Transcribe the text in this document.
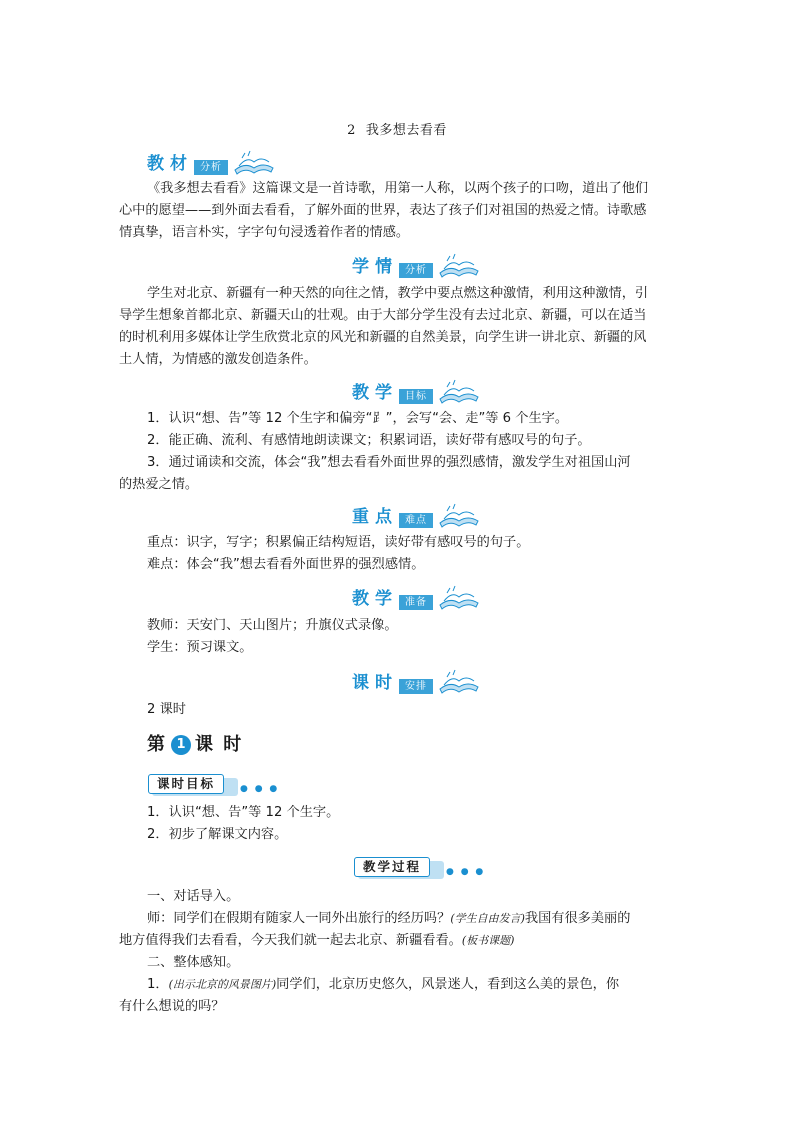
2 我多想去看看
教材 分析
《我多想去看看》这篇课文是一首诗歌，用第一人称，以两个孩子的口吻，道出了他们
心中的愿望——到外面去看看，了解外面的世界，表达了孩子们对祖国的热爱之情。诗歌感
情真挚，语言朴实，字字句句浸透着作者的情感。
学情 分析
学生对北京、新疆有一种天然的向往之情，教学中要点燃这种激情，利用这种激情，引
导学生想象首都北京、新疆天山的壮观。由于大部分学生没有去过北京、新疆，可以在适当
的时机利用多媒体让学生欣赏北京的风光和新疆的自然美景，向学生讲一讲北京、新疆的风
土人情，为情感的激发创造条件。
教学 目标
1．认识“想、告”等 12 个生字和偏旁“⻊”，会写“会、走”等 6 个生字。
2．能正确、流利、有感情地朗读课文；积累词语，读好带有感叹号的句子。
3．通过诵读和交流，体会“我”想去看看外面世界的强烈感情，激发学生对祖国山河
的热爱之情。
重点 难点
重点：识字，写字；积累偏正结构短语，读好带有感叹号的句子。
难点：体会“我”想去看看外面世界的强烈感情。
教学 准备
教师：天安门、天山图片；升旗仪式录像。
学生：预习课文。
课时 安排
2 课时
第 1 课 时
课时目标	● ● ●
1．认识“想、告”等 12 个生字。
2．初步了解课文内容。
教学过程	● ● ●
一、对话导入。
师：同学们在假期有随家人一同外出旅行的经历吗？(学生自由发言)我国有很多美丽的
地方值得我们去看看，今天我们就一起去北京、新疆看看。(板书课题)
二、整体感知。
1．(出示北京的风景图片)同学们，北京历史悠久，风景迷人，看到这么美的景色，你
有什么想说的吗？
